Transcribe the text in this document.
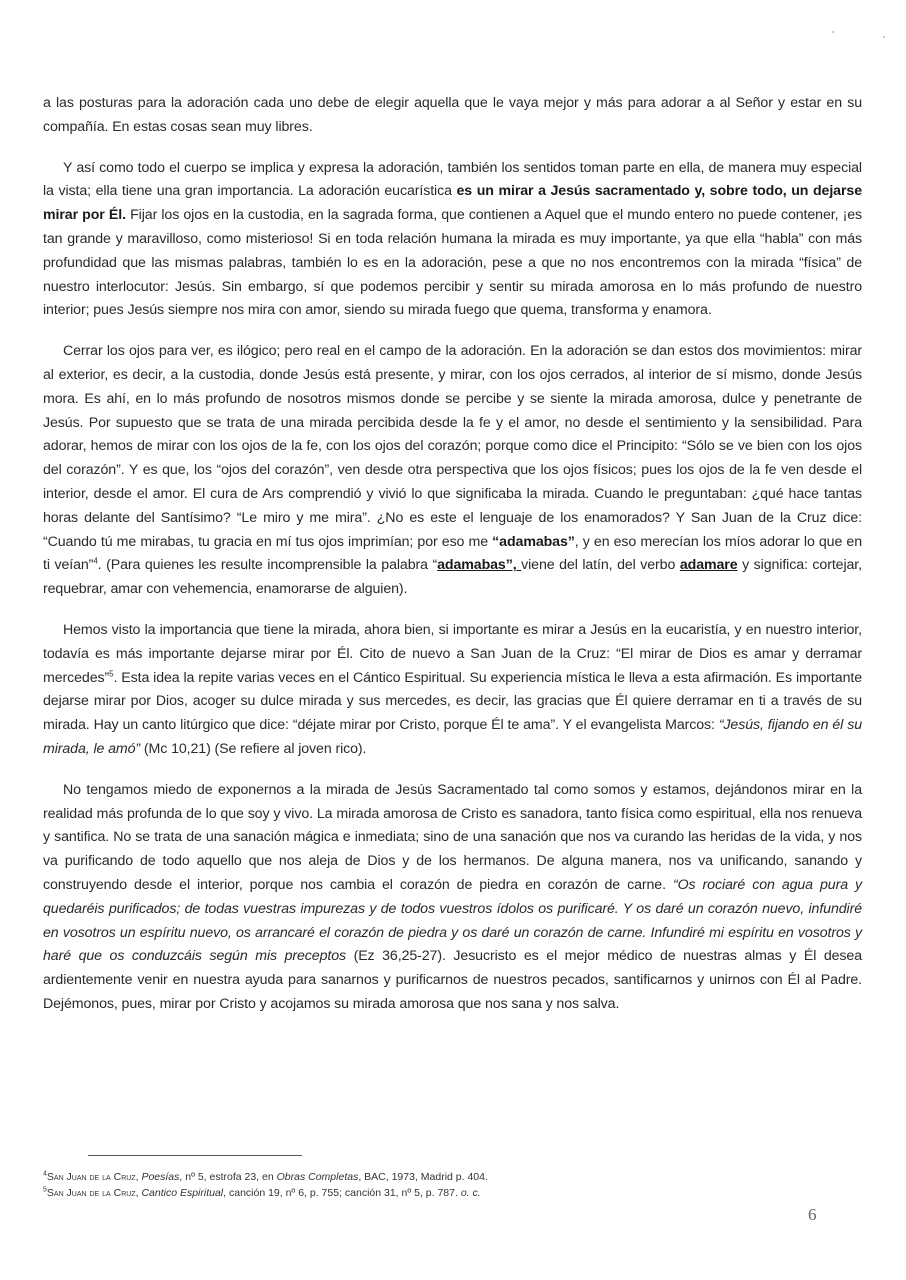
a las posturas para la adoración cada uno debe de elegir aquella que le vaya mejor y más para adorar a al Señor y estar en su compañía. En estas cosas sean muy libres.

Y así como todo el cuerpo se implica y expresa la adoración, también los sentidos toman parte en ella, de manera muy especial la vista; ella tiene una gran importancia. La adoración eucarística es un mirar a Jesús sacramentado y, sobre todo, un dejarse mirar por Él. Fijar los ojos en la custodia, en la sagrada forma, que contienen a Aquel que el mundo entero no puede contener, ¡es tan grande y maravilloso, como misterioso! Si en toda relación humana la mirada es muy importante, ya que ella “habla” con más profundidad que las mismas palabras, también lo es en la adoración, pese a que no nos encontremos con la mirada “física” de nuestro interlocutor: Jesús. Sin embargo, sí que podemos percibir y sentir su mirada amorosa en lo más profundo de nuestro interior; pues Jesús siempre nos mira con amor, siendo su mirada fuego que quema, transforma y enamora.

Cerrar los ojos para ver, es ilógico; pero real en el campo de la adoración. En la adoración se dan estos dos movimientos: mirar al exterior, es decir, a la custodia, donde Jesús está presente, y mirar, con los ojos cerrados, al interior de sí mismo, donde Jesús mora. Es ahí, en lo más profundo de nosotros mismos donde se percibe y se siente la mirada amorosa, dulce y penetrante de Jesús. Por supuesto que se trata de una mirada percibida desde la fe y el amor, no desde el sentimiento y la sensibilidad. Para adorar, hemos de mirar con los ojos de la fe, con los ojos del corazón; porque como dice el Principito: “Sólo se ve bien con los ojos del corazón”. Y es que, los “ojos del corazón”, ven desde otra perspectiva que los ojos físicos; pues los ojos de la fe ven desde el interior, desde el amor. El cura de Ars comprendió y vivió lo que significaba la mirada. Cuando le preguntaban: ¿qué hace tantas horas delante del Santísimo? “Le miro y me mira”. ¿No es este el lenguaje de los enamorados? Y San Juan de la Cruz dice: “Cuando tú me mirabas, tu gracia en mí tus ojos imprimían; por eso me “adamabas”, y en eso merecían los míos adorar lo que en ti veían”$^4$. (Para quienes les resulte incomprensible la palabra “adamabas”, viene del latín, del verbo adamare y significa: cortejar, requebrar, amar con vehemencia, enamorarse de alguien).

Hemos visto la importancia que tiene la mirada, ahora bien, si importante es mirar a Jesús en la eucaristía, y en nuestro interior, todavía es más importante dejarse mirar por Él. Cito de nuevo a San Juan de la Cruz: “El mirar de Dios es amar y derramar mercedes”$^5$. Esta idea la repite varias veces en el Cántico Espiritual. Su experiencia mística le lleva a esta afirmación. Es importante dejarse mirar por Dios, acoger su dulce mirada y sus mercedes, es decir, las gracias que Él quiere derramar en ti a través de su mirada. Hay un canto litúrgico que dice: “déjate mirar por Cristo, porque Él te ama”. Y el evangelista Marcos: “Jesús, fijando en él su mirada, le amó” (Mc 10,21) (Se refiere al joven rico).

No tengamos miedo de exponernos a la mirada de Jesús Sacramentado tal como somos y estamos, dejándonos mirar en la realidad más profunda de lo que soy y vivo. La mirada amorosa de Cristo es sanadora, tanto física como espiritual, ella nos renueva y santifica. No se trata de una sanación mágica e inmediata; sino de una sanación que nos va curando las heridas de la vida, y nos va purificando de todo aquello que nos aleja de Dios y de los hermanos. De alguna manera, nos va unificando, sanando y construyendo desde el interior, porque nos cambia el corazón de piedra en corazón de carne. “Os rociaré con agua pura y quedaréis purificados; de todas vuestras impurezas y de todos vuestros ídolos os purificaré. Y os daré un corazón nuevo, infundiré en vosotros un espíritu nuevo, os arrancaré el corazón de piedra y os daré un corazón de carne. Infundiré mi espíritu en vosotros y haré que os conduzcáis según mis preceptos (Ez 36,25-27). Jesucristo es el mejor médico de nuestras almas y Él desea ardientemente venir en nuestra ayuda para sanarnos y purificarnos de nuestros pecados, santificarnos y unirnos con Él al Padre. Dejémonos, pues, mirar por Cristo y acojamos su mirada amorosa que nos sana y nos salva.

$^4$San Juan de la Cruz, Poesías, nº 5, estrofa 23, en Obras Completas, BAC, 1973, Madrid p. 404.
$^5$San Juan de la Cruz, Cantico Espiritual, canción 19, nº 6, p. 755; canción 31, nº 5, p. 787. o. c.
6
